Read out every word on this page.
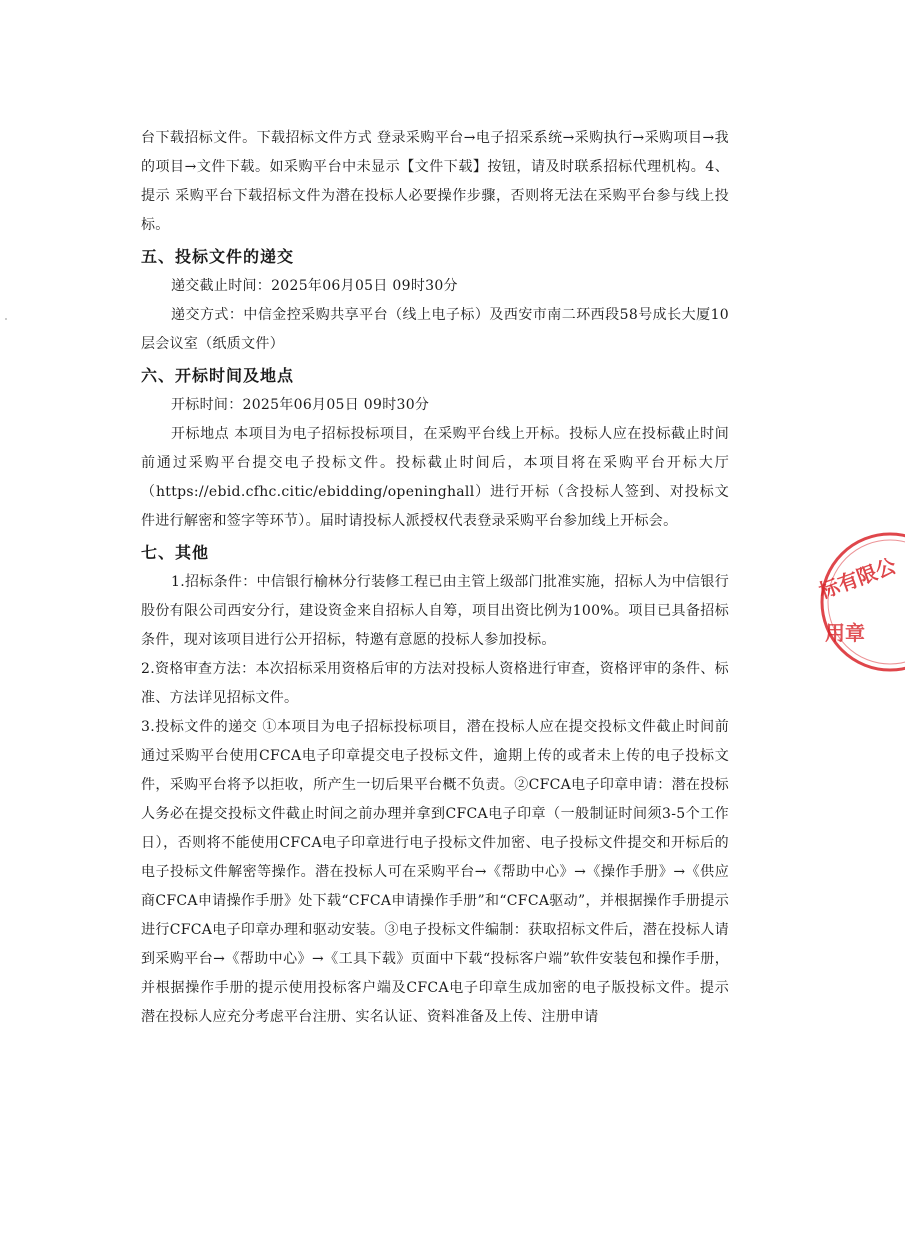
台下载招标文件。下载招标文件方式 登录采购平台→电子招采系统→采购执行→采购项目→我的项目→文件下载。如采购平台中未显示【文件下载】按钮，请及时联系招标代理机构。4、提示 采购平台下载招标文件为潜在投标人必要操作步骤，否则将无法在采购平台参与线上投标。

五、投标文件的递交

递交截止时间：2025年06月05日 09时30分

递交方式：中信金控采购共享平台（线上电子标）及西安市南二环西段58号成长大厦10层会议室（纸质文件）

六、开标时间及地点

开标时间：2025年06月05日 09时30分

开标地点 本项目为电子招标投标项目，在采购平台线上开标。投标人应在投标截止时间前通过采购平台提交电子投标文件。投标截止时间后，本项目将在采购平台开标大厅（https://ebid.cfhc.citic/ebidding/openinghall）进行开标（含投标人签到、对投标文件进行解密和签字等环节）。届时请投标人派授权代表登录采购平台参加线上开标会。

七、其他

1.招标条件：中信银行榆林分行装修工程已由主管上级部门批准实施，招标人为中信银行股份有限公司西安分行，建设资金来自招标人自筹，项目出资比例为100%。项目已具备招标条件，现对该项目进行公开招标，特邀有意愿的投标人参加投标。

2.资格审查方法：本次招标采用资格后审的方法对投标人资格进行审查，资格评审的条件、标准、方法详见招标文件。

3.投标文件的递交 ①本项目为电子招标投标项目，潜在投标人应在提交投标文件截止时间前通过采购平台使用CFCA电子印章提交电子投标文件，逾期上传的或者未上传的电子投标文件，采购平台将予以拒收，所产生一切后果平台概不负责。②CFCA电子印章申请：潜在投标人务必在提交投标文件截止时间之前办理并拿到CFCA电子印章（一般制证时间须3-5个工作日），否则将不能使用CFCA电子印章进行电子投标文件加密、电子投标文件提交和开标后的电子投标文件解密等操作。潜在投标人可在采购平台→《帮助中心》→《操作手册》→《供应商CFCA申请操作手册》处下载“CFCA申请操作手册”和“CFCA驱动”，并根据操作手册提示进行CFCA电子印章办理和驱动安装。③电子投标文件编制：获取招标文件后，潜在投标人请到采购平台→《帮助中心》→《工具下载》页面中下载“投标客户端”软件安装包和操作手册，并根据操作手册的提示使用投标客户端及CFCA电子印章生成加密的电子版投标文件。提示 潜在投标人应充分考虑平台注册、实名认证、资料准备及上传、注册申请

标有限公
用章
